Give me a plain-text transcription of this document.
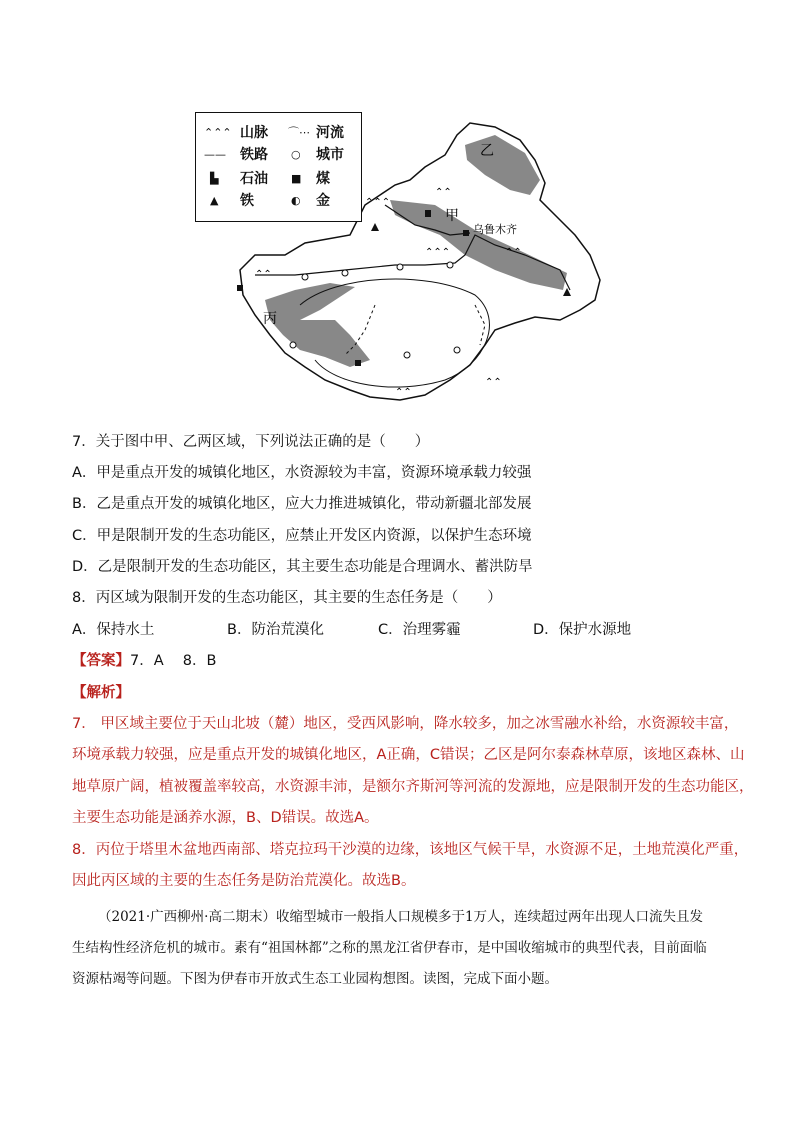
⌃⌃⌃
⌃⌃
⌃⌃
⌃⌃⌃	⌃⌃
⌃⌃
⌃⌃
甲
乙
丙
乌鲁木齐
⌃⌃⌃ 山脉 ⌒⋯ 河流
—— 铁路 ○ 城市
▙ 石油 ■ 煤
▲ 铁	◐ 金
7．关于图中甲、乙两区域，下列说法正确的是（　　）
A．甲是重点开发的城镇化地区，水资源较为丰富，资源环境承载力较强
B．乙是重点开发的城镇化地区，应大力推进城镇化，带动新疆北部发展
C．甲是限制开发的生态功能区，应禁止开发区内资源，以保护生态环境
D．乙是限制开发的生态功能区，其主要生态功能是合理调水、蓄洪防旱
8．丙区域为限制开发的生态功能区，其主要的生态任务是（　　）
A．保持水土	B．防治荒漠化	C．治理雾霾	D．保护水源地
【答案】7．A　 8．B
【解析】
7． 甲区域主要位于天山北坡（麓）地区，受西风影响，降水较多，加之冰雪融水补给，水资源较丰富，
环境承载力较强，应是重点开发的城镇化地区，A正确，C错误；乙区是阿尔泰森林草原，该地区森林、山
地草原广阔，植被覆盖率较高，水资源丰沛，是额尔齐斯河等河流的发源地，应是限制开发的生态功能区，
主要生态功能是涵养水源，B、D错误。故选A。
8．丙位于塔里木盆地西南部、塔克拉玛干沙漠的边缘，该地区气候干旱，水资源不足，土地荒漠化严重，
因此丙区域的主要的生态任务是防治荒漠化。故选B。
（2021·广西柳州·高二期末）收缩型城市一般指人口规模多于1万人，连续超过两年出现人口流失且发
生结构性经济危机的城市。素有“祖国林都”之称的黑龙江省伊春市，是中国收缩城市的典型代表，目前面临
资源枯竭等问题。下图为伊春市开放式生态工业园构想图。读图，完成下面小题。
